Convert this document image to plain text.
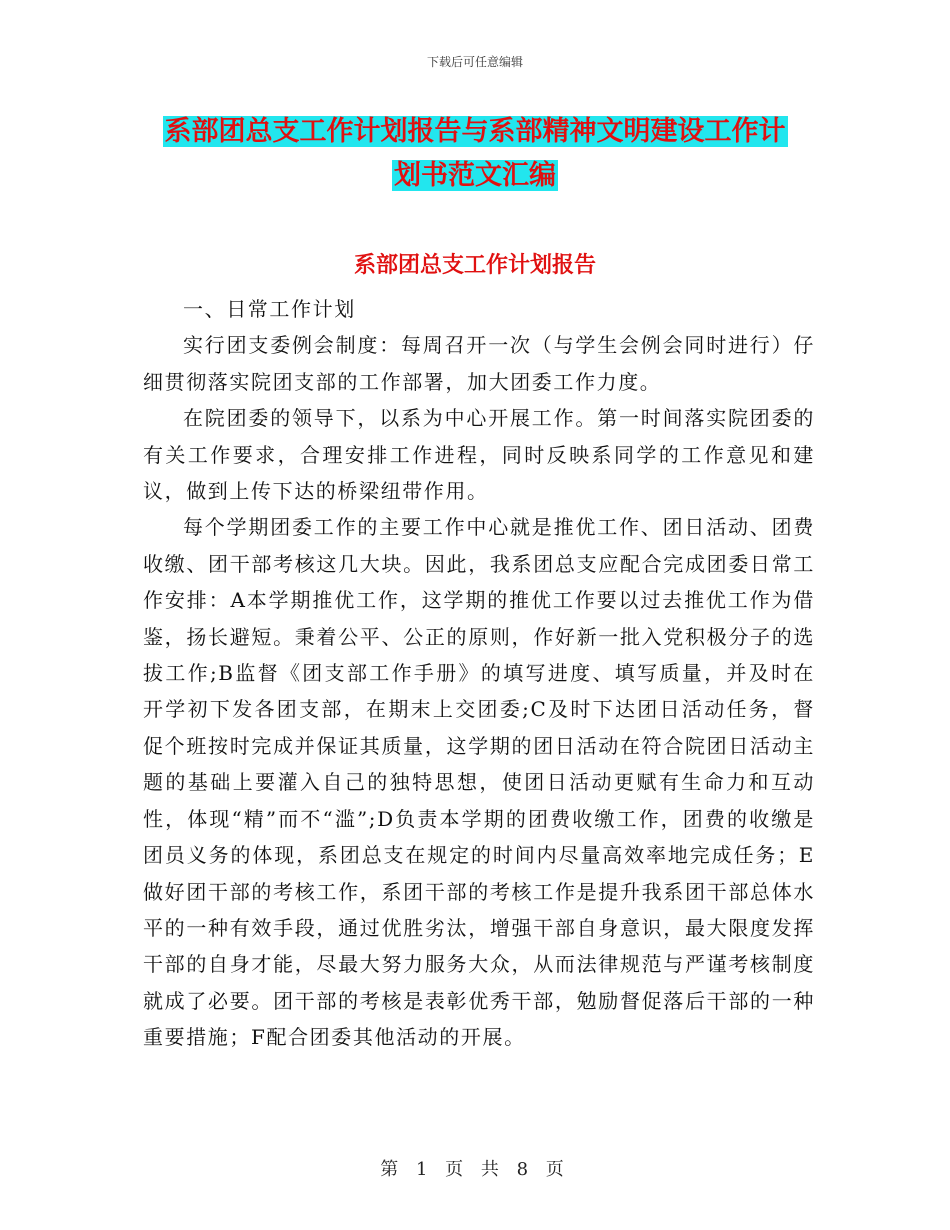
下载后可任意编辑
系部团总支工作计划报告与系部精神文明建设工作计
划书范文汇编
系部团总支工作计划报告

一、日常工作计划

实行团支委例会制度：每周召开一次（与学生会例会同时进行）仔细贯彻落实院团支部的工作部署，加大团委工作力度。

在院团委的领导下，以系为中心开展工作。第一时间落实院团委的有关工作要求，合理安排工作进程，同时反映系同学的工作意见和建议，做到上传下达的桥梁纽带作用。

每个学期团委工作的主要工作中心就是推优工作、团日活动、团费收缴、团干部考核这几大块。因此，我系团总支应配合完成团委日常工作安排：A本学期推优工作，这学期的推优工作要以过去推优工作为借鉴，扬长避短。秉着公平、公正的原则，作好新一批入党积极分子的选拔工作;B监督《团支部工作手册》的填写进度、填写质量，并及时在开学初下发各团支部，在期末上交团委;C及时下达团日活动任务，督促个班按时完成并保证其质量，这学期的团日活动在符合院团日活动主题的基础上要灌入自己的独特思想，使团日活动更赋有生命力和互动性，体现“精”而不“滥”;D负责本学期的团费收缴工作，团费的收缴是团员义务的体现，系团总支在规定的时间内尽量高效率地完成任务；E做好团干部的考核工作，系团干部的考核工作是提升我系团干部总体水平的一种有效手段，通过优胜劣汰，增强干部自身意识，最大限度发挥干部的自身才能，尽最大努力服务大众，从而法律规范与严谨考核制度就成了必要。团干部的考核是表彰优秀干部，勉励督促落后干部的一种重要措施；F配合团委其他活动的开展。

第 1 页 共 8 页
